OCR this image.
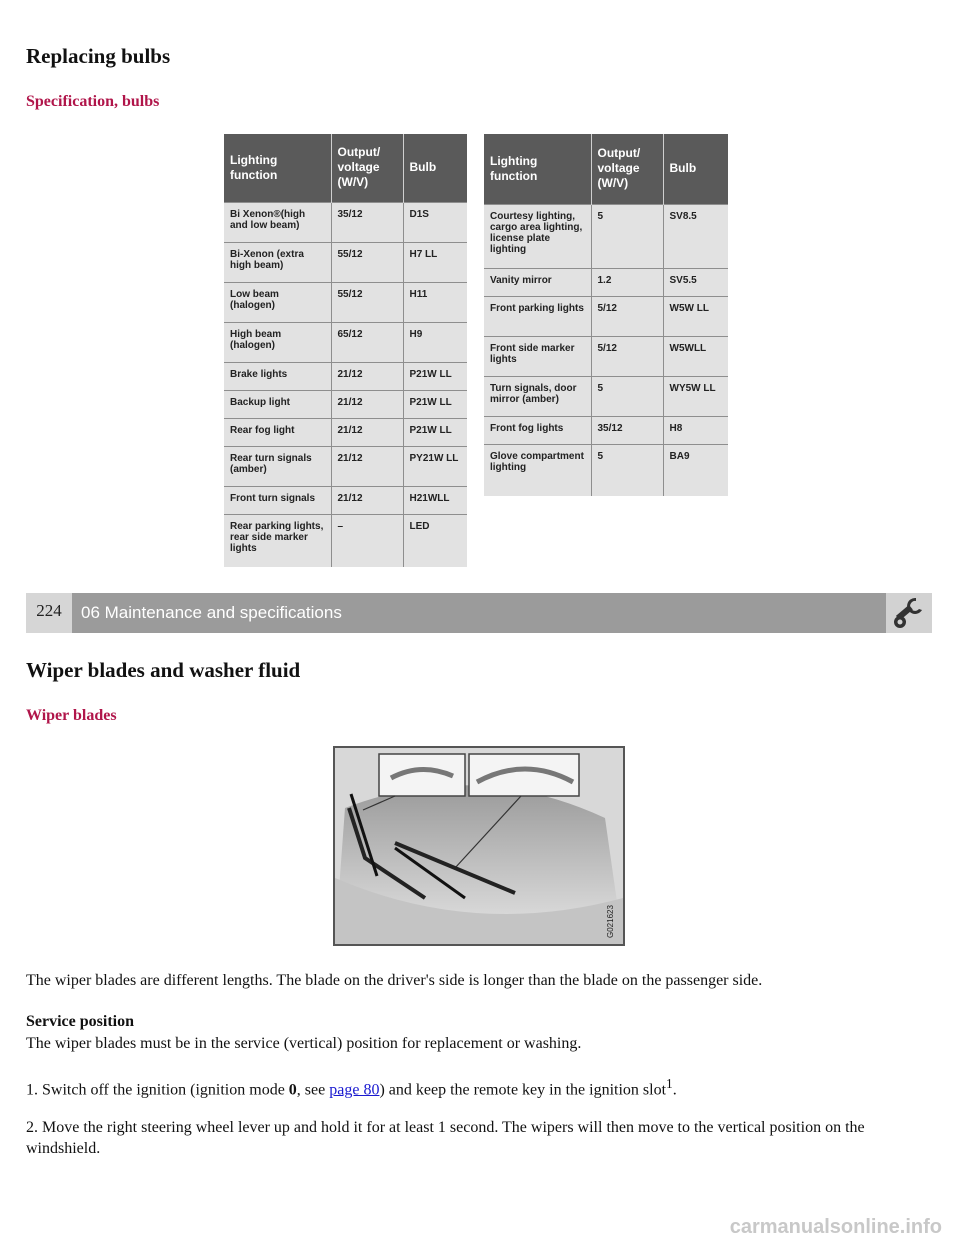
Replacing bulbs
Specification, bulbs
Lighting function	Output/ voltage (W/V)	Bulb
Bi Xenon®(high and low beam)	35/12	D1S
Bi-Xenon (extra high beam)	55/12	H7 LL
Low beam (halogen)	55/12	H11
High beam (halogen)	65/12	H9
Brake lights	21/12	P21W LL
Backup light	21/12	P21W LL
Rear fog light	21/12	P21W LL
Rear turn signals (amber)	21/12	PY21W LL
Front turn signals	21/12	H21WLL
Rear parking lights, rear side marker lights	–	LED
Lighting function	Output/ voltage (W/V)	Bulb
Courtesy lighting, cargo area lighting, license plate lighting	5	SV8.5
Vanity mirror	1.2	SV5.5
Front parking lights	5/12	W5W LL
Front side marker lights	5/12	W5WLL
Turn signals, door mirror (amber)	5	WY5W LL
Front fog lights	35/12	H8
Glove compartment lighting	5	BA9
224	06 Maintenance and specifications
Wiper blades and washer fluid
Wiper blades
G021623

The wiper blades are different lengths. The blade on the driver's side is longer than the blade on the passenger side.

Service position

The wiper blades must be in the service (vertical) position for replacement or washing.

1. Switch off the ignition (ignition mode 0, see page 80) and keep the remote key in the ignition slot$^1$.

2. Move the right steering wheel lever up and hold it for at least 1 second. The wipers will then move to the vertical position on the windshield.

carmanualsonline.info
